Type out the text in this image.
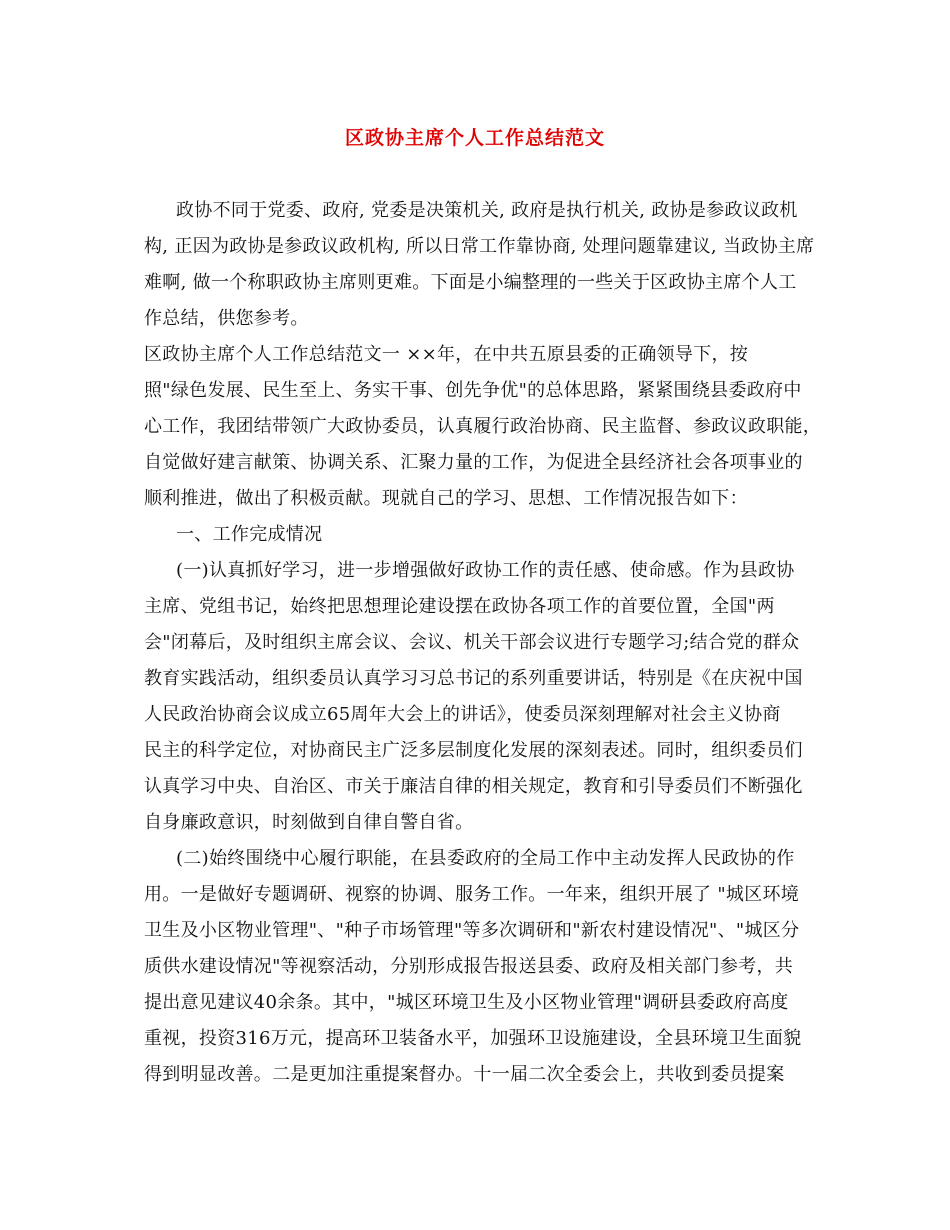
区政协主席个人工作总结范文

政协不同于党委、政府, 党委是决策机关, 政府是执行机关, 政协是参政议政机

构, 正因为政协是参政议政机构, 所以日常工作靠协商, 处理问题靠建议, 当政协主席

难啊, 做一个称职政协主席则更难。下面是小编整理的一些关于区政协主席个人工

作总结，供您参考。

区政协主席个人工作总结范文一 ××年，在中共五原县委的正确领导下，按

照"绿色发展、民生至上、务实干事、创先争优"的总体思路，紧紧围绕县委政府中

心工作，我团结带领广大政协委员，认真履行政治协商、民主监督、参政议政职能，

自觉做好建言献策、协调关系、汇聚力量的工作，为促进全县经济社会各项事业的

顺利推进，做出了积极贡献。现就自己的学习、思想、工作情况报告如下：

一、工作完成情况

(一)认真抓好学习，进一步增强做好政协工作的责任感、使命感。作为县政协

主席、党组书记，始终把思想理论建设摆在政协各项工作的首要位置，全国"两

会"闭幕后，及时组织主席会议、会议、机关干部会议进行专题学习;结合党的群众

教育实践活动，组织委员认真学习习总书记的系列重要讲话，特别是《在庆祝中国

人民政治协商会议成立65周年大会上的讲话》，使委员深刻理解对社会主义协商

民主的科学定位，对协商民主广泛多层制度化发展的深刻表述。同时，组织委员们

认真学习中央、自治区、市关于廉洁自律的相关规定，教育和引导委员们不断强化

自身廉政意识，时刻做到自律自警自省。

(二)始终围绕中心履行职能，在县委政府的全局工作中主动发挥人民政协的作

用。一是做好专题调研、视察的协调、服务工作。一年来，组织开展了 "城区环境

卫生及小区物业管理"、"种子市场管理"等多次调研和"新农村建设情况"、"城区分

质供水建设情况"等视察活动，分别形成报告报送县委、政府及相关部门参考，共

提出意见建议40余条。其中，"城区环境卫生及小区物业管理"调研县委政府高度

重视，投资316万元，提高环卫装备水平，加强环卫设施建设，全县环境卫生面貌

得到明显改善。二是更加注重提案督办。十一届二次全委会上，共收到委员提案
